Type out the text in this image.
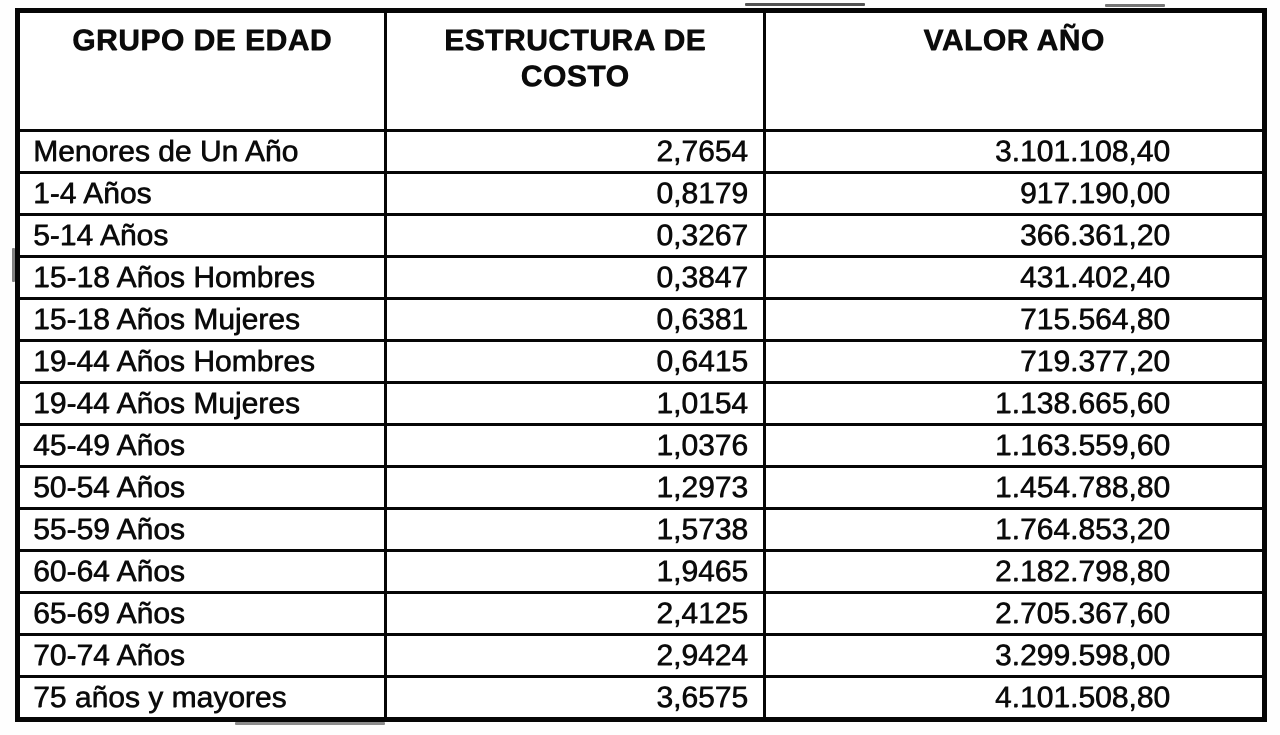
GRUPO DE EDAD	ESTRUCTURA DE COSTO	VALOR AÑO
Menores de Un Año	2,7654	3.101.108,40
1-4 Años	0,8179	917.190,00
5-14 Años	0,3267	366.361,20
15-18 Años Hombres	0,3847	431.402,40
15-18 Años Mujeres	0,6381	715.564,80
19-44 Años Hombres	0,6415	719.377,20
19-44 Años Mujeres	1,0154	1.138.665,60
45-49 Años	1,0376	1.163.559,60
50-54 Años	1,2973	1.454.788,80
55-59 Años	1,5738	1.764.853,20
60-64 Años	1,9465	2.182.798,80
65-69 Años	2,4125	2.705.367,60
70-74 Años	2,9424	3.299.598,00
75 años y mayores	3,6575	4.101.508,80
